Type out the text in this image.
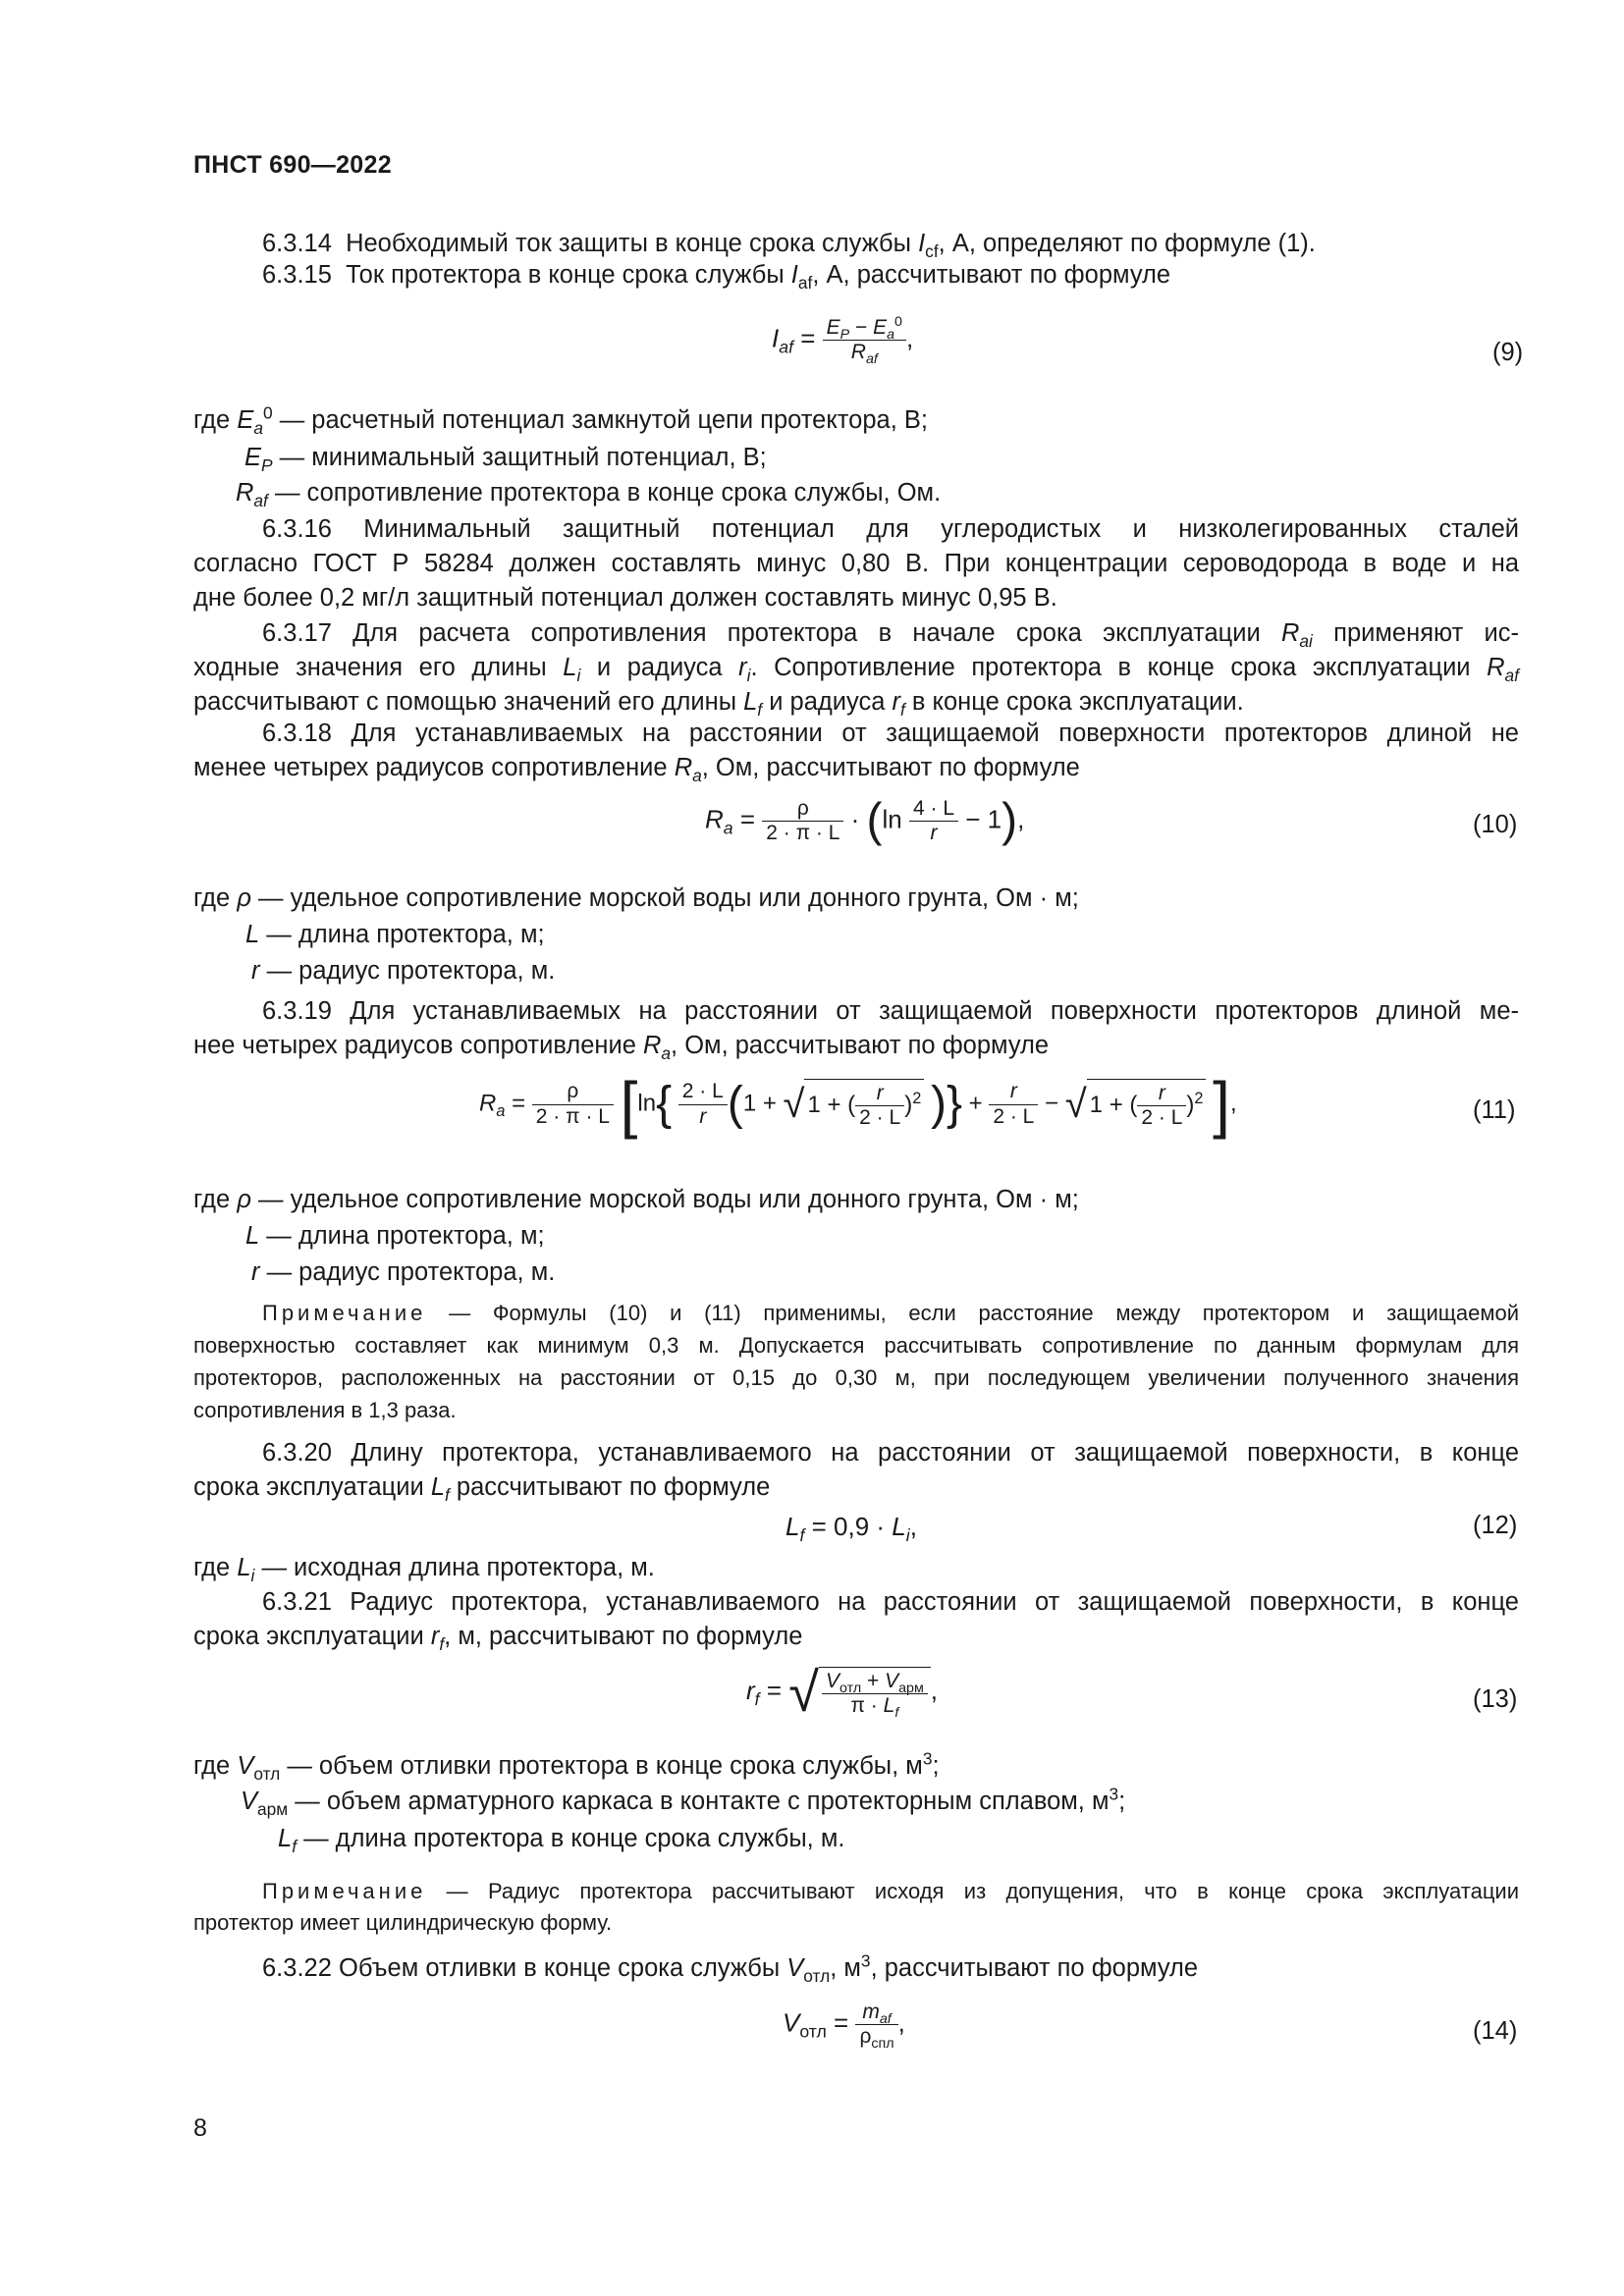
ПНСТ 690—2022
6.3.14 Необходимый ток защиты в конце срока службы $I_{cf}$, А, определяют по формуле (1).
6.3.15 Ток протектора в конце срока службы $I_{af}$, А, рассчитывают по формуле
$I_{af} = \frac{E_P - E_a^0}{R_{af}}$ ,	(9)
где $E_a^0$ — расчетный потенциал замкнутой цепи протектора, В;
$E_P$ — минимальный защитный потенциал, В;
$R_{af}$ — сопротивление протектора в конце срока службы, Ом.
6.3.16 Минимальный защитный потенциал для углеродистых и низколегированных сталей
согласно ГОСТ Р 58284 должен составлять минус 0,80 В. При концентрации сероводорода в воде и на
дне более 0,2 мг/л защитный потенциал должен составлять минус 0,95 В.
6.3.17 Для расчета сопротивления протектора в начале срока эксплуатации $R_{ai}$ применяют ис-
ходные значения его длины $L_i$ и радиуса $r_i$. Сопротивление протектора в конце срока эксплуатации $R_{af}$
рассчитывают с помощью значений его длины $L_f$ и радиуса $r_f$ в конце срока эксплуатации.
6.3.18 Для устанавливаемых на расстоянии от защищаемой поверхности протекторов длиной не
менее четырех радиусов сопротивление $R_a$, Ом, рассчитывают по формуле
$R_a = \frac{\rho}{2 \cdot \pi \cdot L} \cdot (\ln \frac{4 \cdot L}{r} - 1)$,	(10)
где ρ — удельное сопротивление морской воды или донного грунта, Ом · м;
L — длина протектора, м;
r — радиус протектора, м.
6.3.19 Для устанавливаемых на расстоянии от защищаемой поверхности протекторов длиной ме-
нее четырех радиусов сопротивление $R_a$, Ом, рассчитывают по формуле
$R_a = \frac{\rho}{2 \cdot \pi \cdot L} [\ln\{ \frac{2 \cdot L}{r} (1$ + √ 1 + ( $\frac{r}{2 \cdot L} )^2$ )} + $\frac{r}{2 \cdot L}$ − √ 1 + ( $\frac{r}{2 \cdot L} )^2$ ],	(11)
где ρ — удельное сопротивление морской воды или донного грунта, Ом · м;
L — длина протектора, м;
r — радиус протектора, м.
Примечание — Формулы (10) и (11) применимы, если расстояние между протектором и защищаемой
поверхностью составляет как минимум 0,3 м. Допускается рассчитывать сопротивление по данным формулам для
протекторов, расположенных на расстоянии от 0,15 до 0,30 м, при последующем увеличении полученного значения
сопротивления в 1,3 раза.
6.3.20 Длину протектора, устанавливаемого на расстоянии от защищаемой поверхности, в конце
срока эксплуатации $L_f$ рассчитывают по формуле
$L_f = 0,9 \cdot L_i$,	(12)
где $L_i$ — исходная длина протектора, м.
6.3.21 Радиус протектора, устанавливаемого на расстоянии от защищаемой поверхности, в конце
срока эксплуатации $r_f$, м, рассчитывают по формуле
$r_f$ = √ $\frac{V_{отл} + V_{арм}}{\pi \cdot L_f}$ ,	(13)
где $V_{отл}$ — объем отливки протектора в конце срока службы, $м^3$;
$V_{арм}$ — объем арматурного каркаса в контакте с протекторным сплавом, $м^3$;
$L_f$ — длина протектора в конце срока службы, м.
Примечание — Радиус протектора рассчитывают исходя из допущения, что в конце срока эксплуатации
протектор имеет цилиндрическую форму.
6.3.22 Объем отливки в конце срока службы $V_{отл}$, $м^3$, рассчитывают по формуле
$V_{отл} = \frac{m_{af}}{\rho_{спл}}$ ,	(14)
8
